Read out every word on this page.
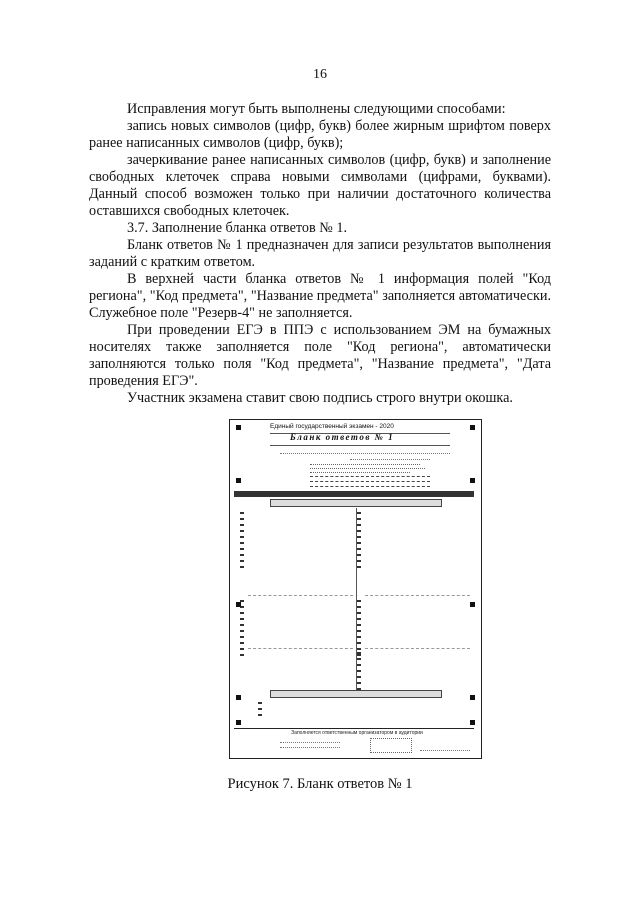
16

Исправления могут быть выполнены следующими способами:

запись новых символов (цифр, букв) более жирным шрифтом поверх ранее написанных символов (цифр, букв);

зачеркивание ранее написанных символов (цифр, букв) и заполнение свободных клеточек справа новыми символами (цифрами, буквами). Данный способ возможен только при наличии достаточного количества оставшихся свободных клеточек.

3.7. Заполнение бланка ответов № 1.

Бланк ответов № 1 предназначен для записи результатов выполнения заданий с кратким ответом.

В верхней части бланка ответов № 1 информация полей "Код региона", "Код предмета", "Название предмета" заполняется автоматически. Служебное поле "Резерв-4" не заполняется.

При проведении ЕГЭ в ППЭ с использованием ЭМ на бумажных носителях также заполняется поле "Код региона", автоматически заполняются только поля "Код предмета", "Название предмета", "Дата проведения ЕГЭ".

Участник экзамена ставит свою подпись строго внутри окошка.

Единый государственный экзамен - 2020
Бланк ответов № 1
Заполняется ответственным организатором в аудитории
Рисунок 7. Бланк ответов № 1
